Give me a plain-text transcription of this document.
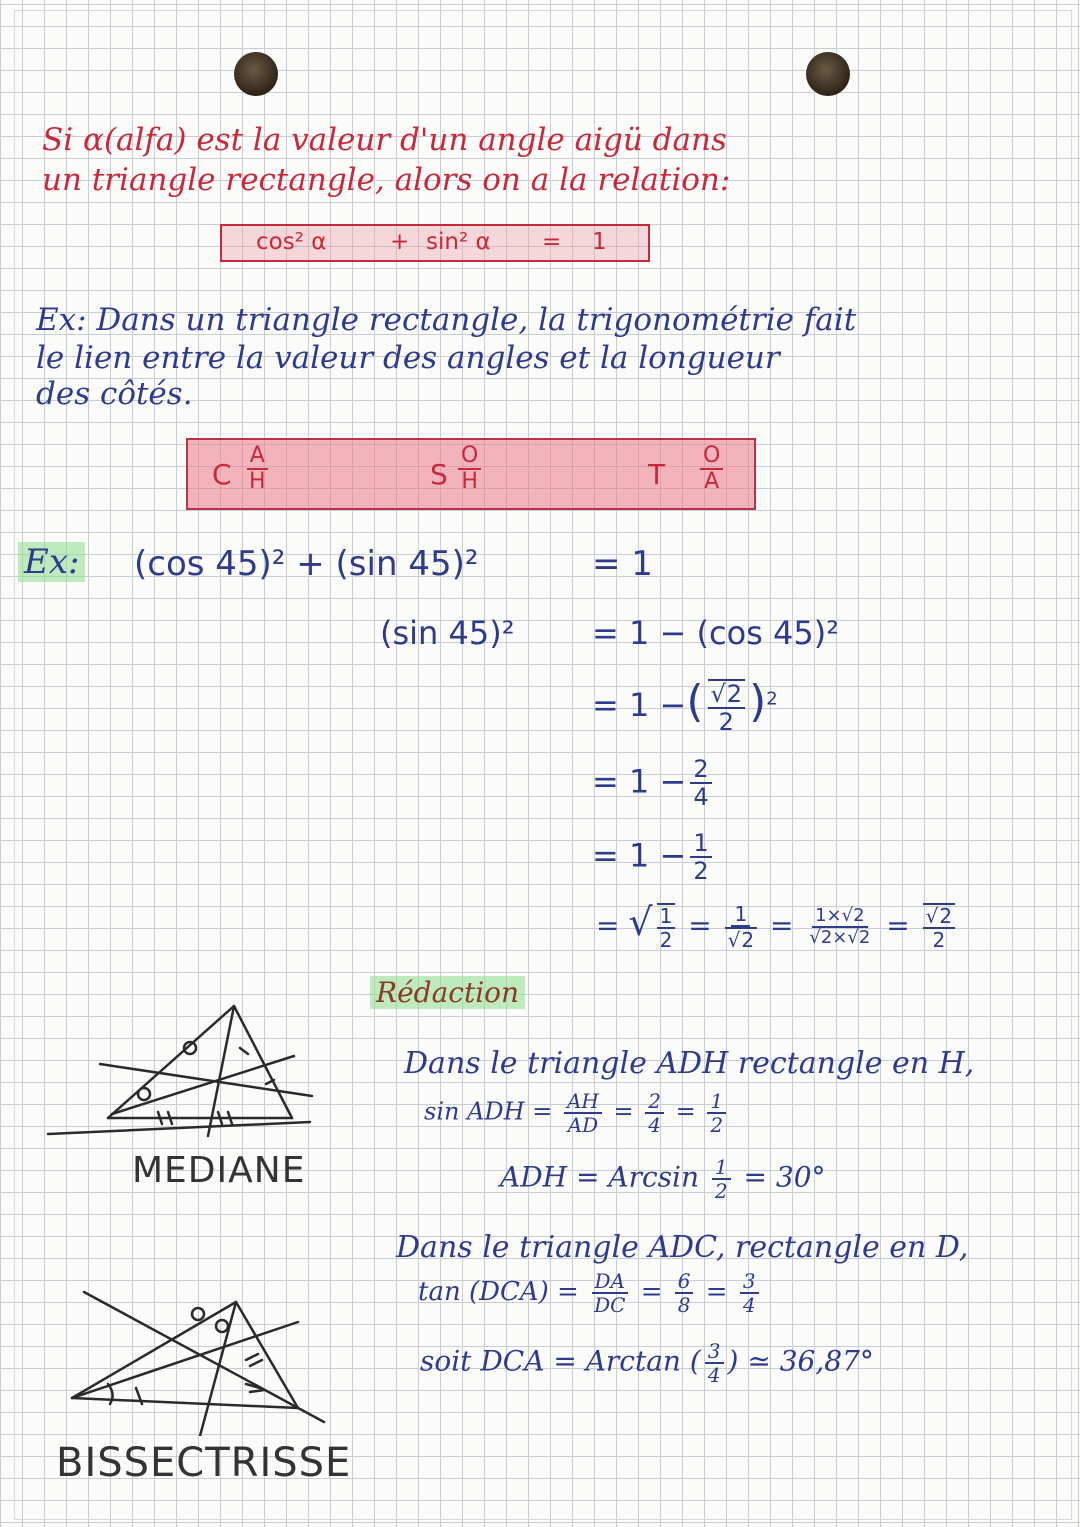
Si α(alfa) est la valeur d'un angle aigü dans

un triangle rectangle, alors on a la relation:

cos² α	+ sin² α = 1

Ex: Dans un triangle rectangle, la trigonométrie fait

le lien entre la valeur des angles et la longueur

des côtés.

C $\frac{A}{H}$	S $\frac{O}{H}$	T $\frac{O}{A}$
Ex: (cos 45)² + (sin 45)²	= 1
(sin 45)² = 1 − (cos 45)²
= 1 −( √ $\frac{2}{2} )^2$
= $1 - \frac{2}{4}$
= $1 - \frac{1}{2}$
= √ $\frac{1}{2} = 1$
√ $2 = \frac{1\times√2}{√2\times√2}$ = √ $\frac{2}{2}$
Rédaction

Dans le triangle ADH rectangle en H,

sin ADH = $\frac{AH}{AD} = \frac{2}{4} = \frac{1}{2}$
ADH = Arcsin $\frac{1}{2} = 30^\circ$

Dans le triangle ADC, rectangle en D,

$\tan (DCA) = \frac{DA}{DC} = \frac{6}{8} = \frac{3}{4}$
soit DCA = Arctan ( $\frac{3}{4}$ ) ≃ 36,87°
MEDIANE
BISSECTRISSE
